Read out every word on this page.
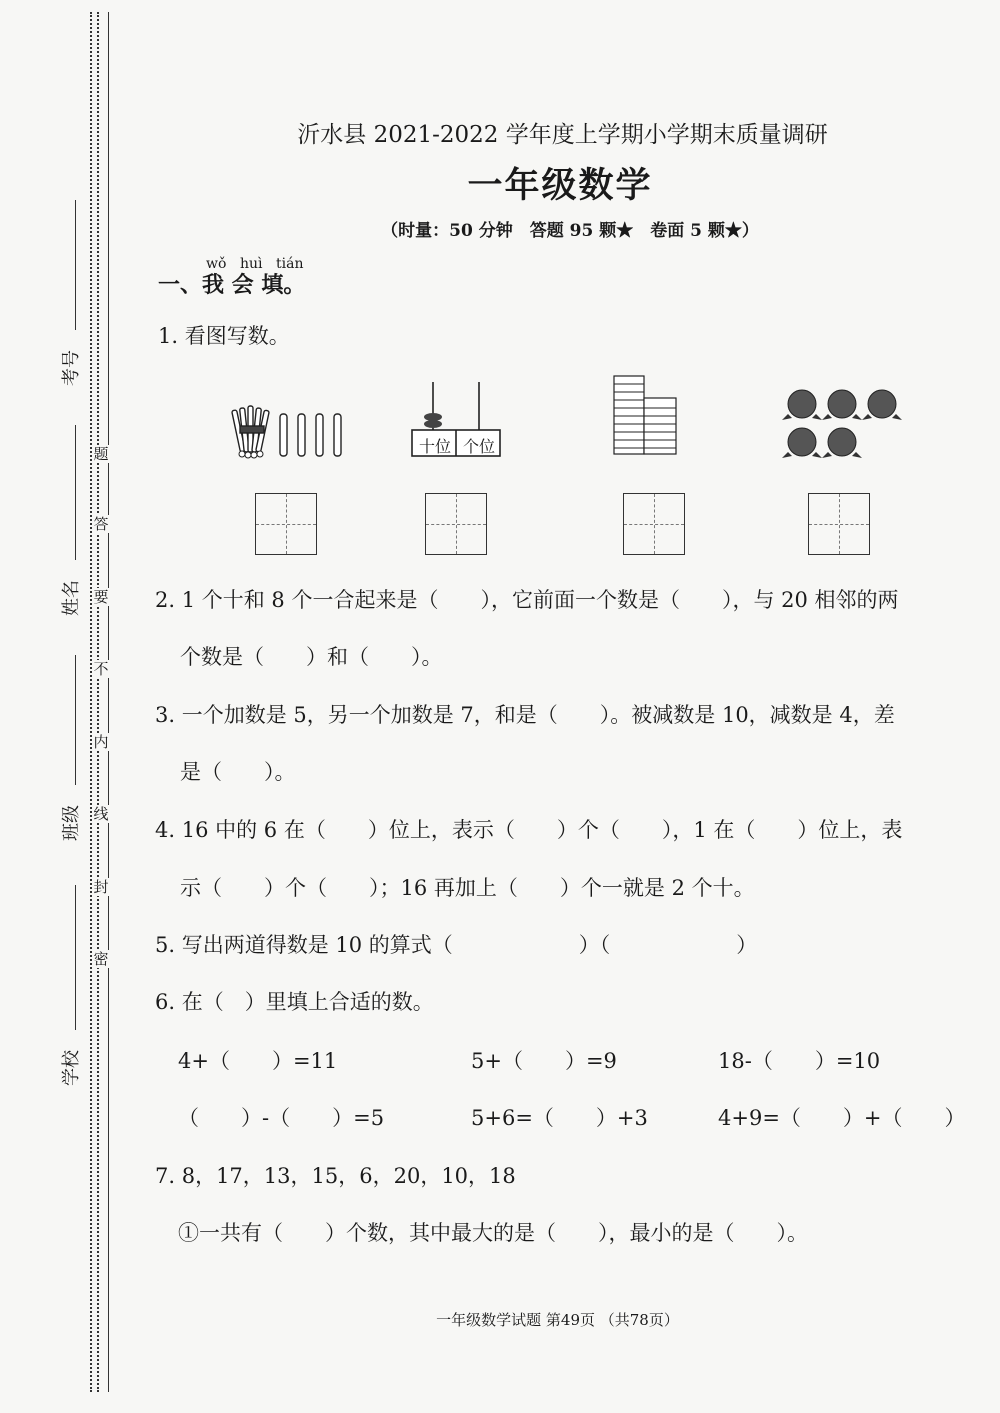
题
答
要
不
内
线
封
密
考号
姓名
班级
学校
沂水县 2021-2022 学年度上学期小学期末质量调研
一年级数学
（时量：50 分钟　答题 95 颗★　卷面 5 颗★）
wǒ huì tián
一、我 会 填。
1. 看图写数。
十位 个位
2. 1 个十和 8 个一合起来是（　　），它前面一个数是（　　），与 20 相邻的两
个数是（　　）和（　　）。
3. 一个加数是 5，另一个加数是 7，和是（　　）。被减数是 10，减数是 4，差
是（　　）。
4. 16 中的 6 在（　　）位上，表示（　　）个（　　），1 在（　　）位上，表
示（　　）个（　　）；16 再加上（　　）个一就是 2 个十。
5. 写出两道得数是 10 的算式（　　　　　　）（　　　　　　）
6. 在（　）里填上合适的数。
4+（　　）=11	5+（　　）=9	18-（　　）=10
（　　）-（　　）=5	5+6=（　　）+3	4+9=（　　）+（　　）
7. 8，17，13，15，6，20，10，18
①一共有（　　）个数，其中最大的是（　　），最小的是（　　）。
一年级数学试题 第49页 （共78页）
